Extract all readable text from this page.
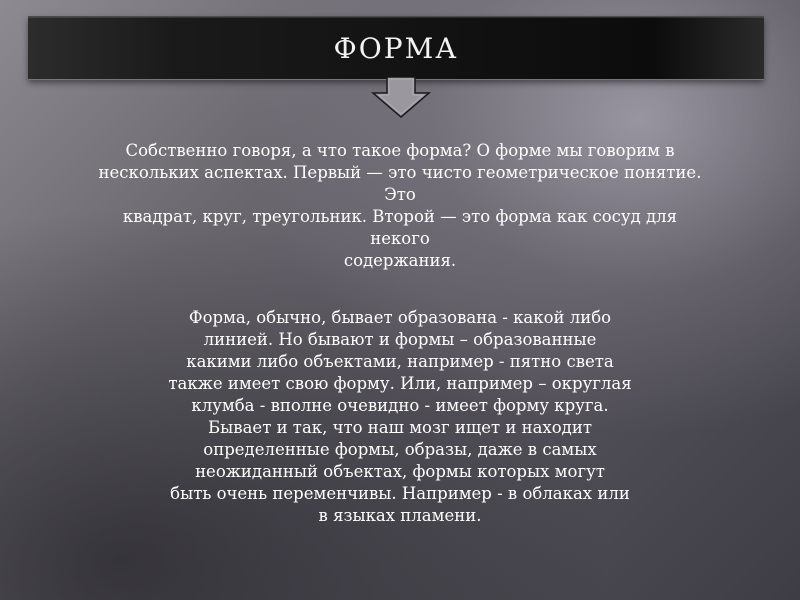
ФОРМА
Собственно говоря, а что такое форма? О форме мы говорим в
нескольких аспектах. Первый — это чисто геометрическое понятие.
Это
квадрат, круг, треугольник. Второй — это форма как сосуд для
некого
содержания.
Форма, обычно, бывает образована - какой либо
линией. Но бывают и формы – образованные
какими либо объектами, например - пятно света
также имеет свою форму. Или, например – округлая
клумба - вполне очевидно - имеет форму круга.
Бывает и так, что наш мозг ищет и находит
определенные формы, образы, даже в самых
неожиданный объектах, формы которых могут
быть очень переменчивы. Например - в облаках или
в языках пламени.
